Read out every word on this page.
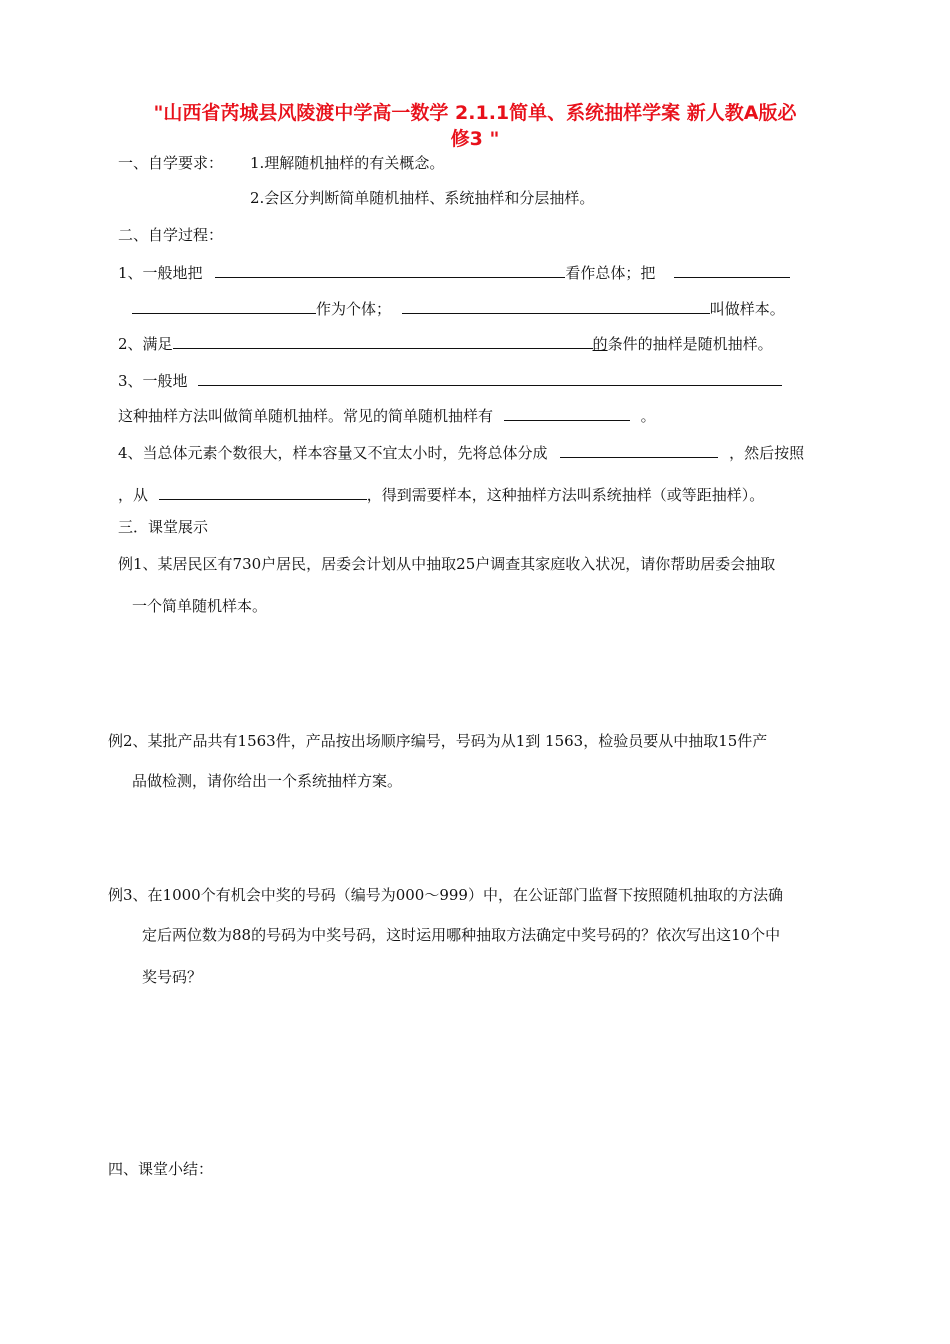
"山西省芮城县风陵渡中学高一数学 2.1.1简单、系统抽样学案 新人教A版必
修3 "
一、自学要求： 1.理解随机抽样的有关概念。
2.会区分判断简单随机抽样、系统抽样和分层抽样。
二、自学过程：
1、一般地把	看作总体；把
作为个体；	叫做样本。
2、满足	的条件的抽样是随机抽样。
3、一般地
这种抽样方法叫做简单随机抽样。常见的简单随机抽样有	。
4、当总体元素个数很大，样本容量又不宜太小时，先将总体分成	，然后按照
，从	，得到需要样本，这种抽样方法叫系统抽样（或等距抽样）。
三．课堂展示
例1、某居民区有730户居民，居委会计划从中抽取25户调查其家庭收入状况，请你帮助居委会抽取
一个简单随机样本。
例2、某批产品共有1563件，产品按出场顺序编号，号码为从1到 1563，检验员要从中抽取15件产
品做检测，请你给出一个系统抽样方案。
例3、在1000个有机会中奖的号码（编号为000～999）中，在公证部门监督下按照随机抽取的方法确
定后两位数为88的号码为中奖号码，这时运用哪种抽取方法确定中奖号码的？依次写出这10个中
奖号码？
四、课堂小结：
